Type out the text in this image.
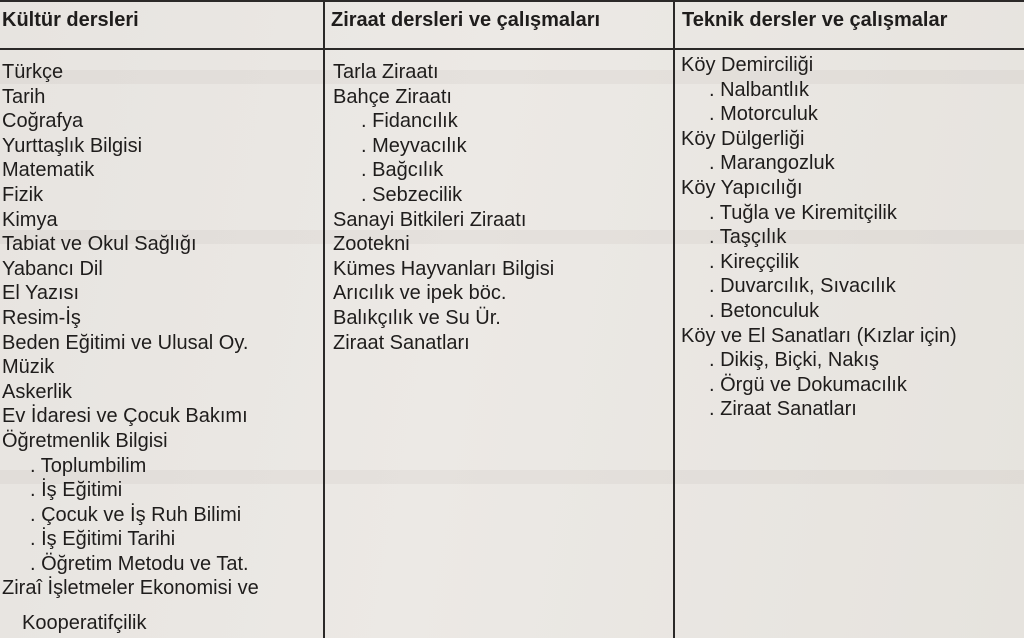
Kültür dersleri
Türkçe
Tarih
Coğrafya
Yurttaşlık Bilgisi
Matematik
Fizik
Kimya
Tabiat ve Okul Sağlığı
Yabancı Dil
El Yazısı
Resim-İş
Beden Eğitimi ve Ulusal Oy.
Müzik
Askerlik
Ev İdaresi ve Çocuk Bakımı
Öğretmenlik Bilgisi
. Toplumbilim
. İş Eğitimi
. Çocuk ve İş Ruh Bilimi
. İş Eğitimi Tarihi
. Öğretim Metodu ve Tat.
Ziraî İşletmeler Ekonomisi ve
Kooperatifçilik
Ziraat dersleri ve çalışmaları
Tarla Ziraatı
Bahçe Ziraatı
. Fidancılık
. Meyvacılık
. Bağcılık
. Sebzecilik
Sanayi Bitkileri Ziraatı
Zootekni
Kümes Hayvanları Bilgisi
Arıcılık ve ipek böc.
Balıkçılık ve Su Ür.
Ziraat Sanatları
Teknik dersler ve çalışmalar
Köy Demirciliği
. Nalbantlık
. Motorculuk
Köy Dülgerliği
. Marangozluk
Köy Yapıcılığı
. Tuğla ve Kiremitçilik
. Taşçılık
. Kireççilik
. Duvarcılık, Sıvacılık
. Betonculuk
Köy ve El Sanatları (Kızlar için)
. Dikiş, Biçki, Nakış
. Örgü ve Dokumacılık
. Ziraat Sanatları
